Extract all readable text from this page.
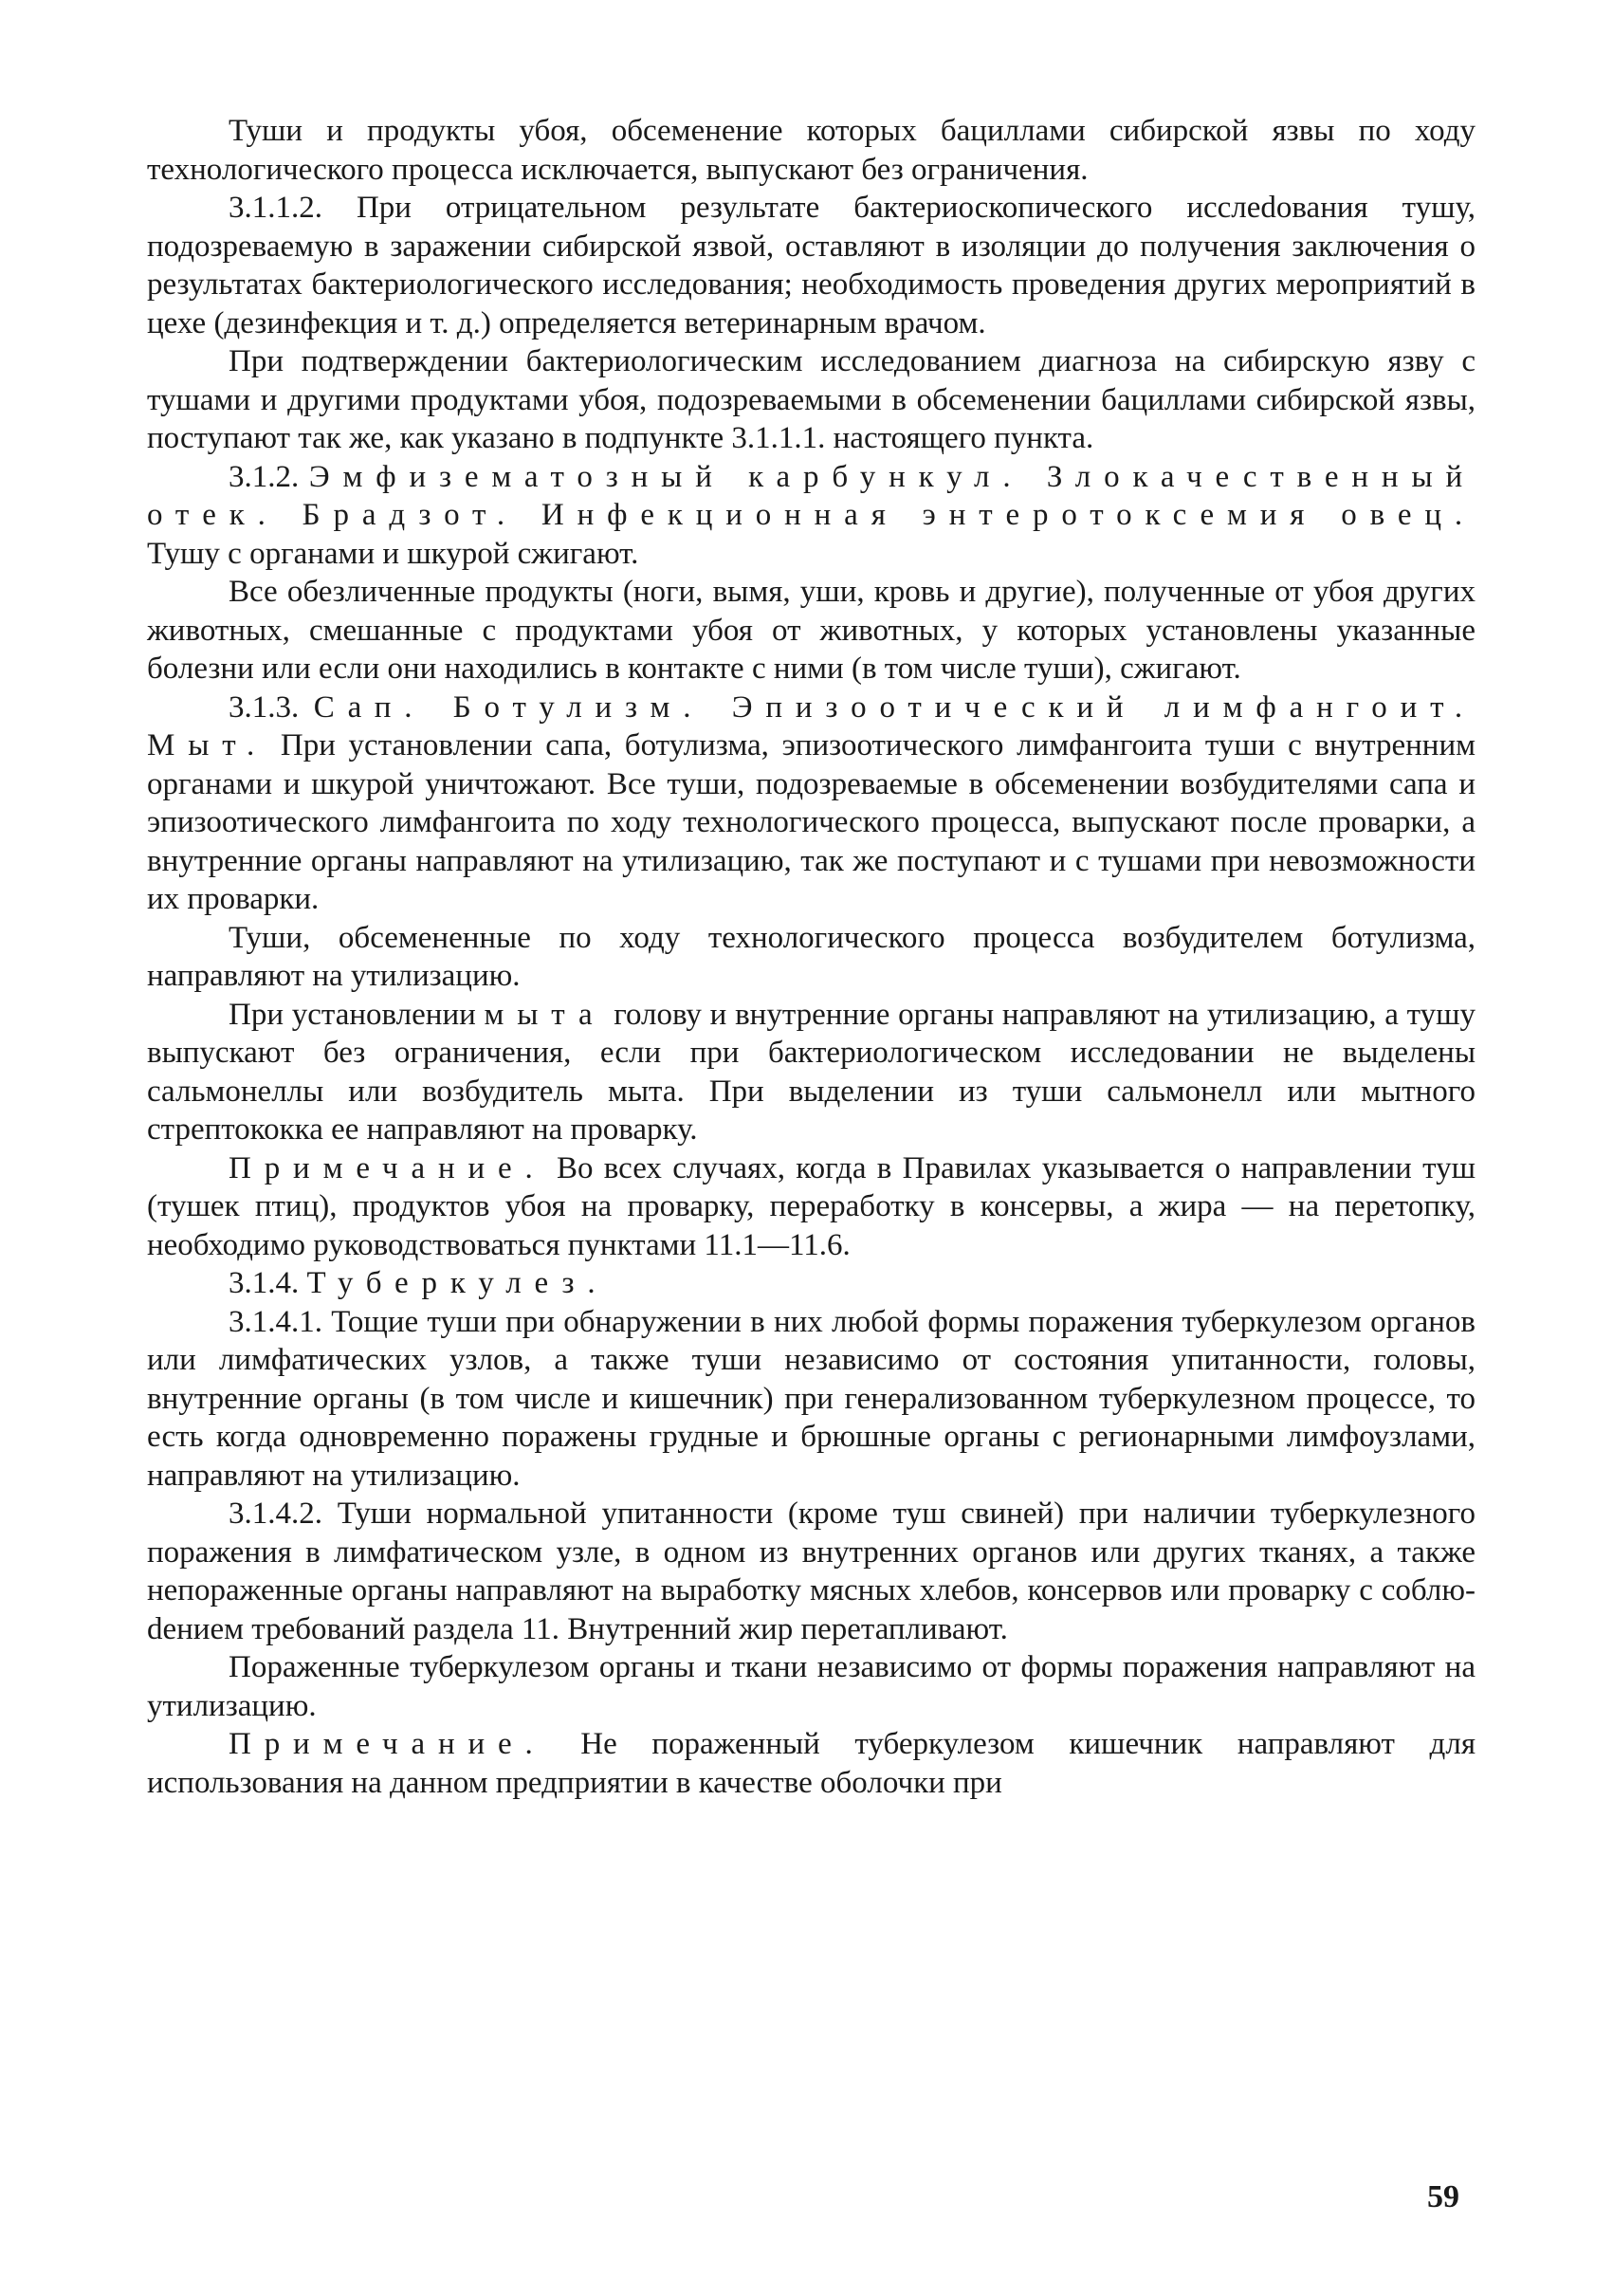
Туши и продукты убоя, обсеменение которых бациллами сибирской язвы по ходу технологического процесса исключается, выпускают без ограничения.

3.1.1.2. При отрицательном результате бактериоскопического исслеdования тушу, подозреваемую в заражении сибирской язвой, оставляют в изоляции до получения заключения о результатах бактериологического исследования; необходимость проведения других мероприятий в цехе (дезинфекция и т. д.) определяется ветеринарным врачом.

При подтверждении бактериологическим исследованием диагноза на сибирскую язву с тушами и другими продуктами убоя, подозреваемыми в обсеменении бациллами сибирской язвы, поступают так же, как указано в подпункте 3.1.1.1. настоящего пункта.

3.1.2. Эмфизематозный карбункул. Злокачественный отек. Брадзот. Инфекционная энтеротоксемия овец. Тушу с органами и шкурой сжигают.

Все обезличенные продукты (ноги, вымя, уши, кровь и другие), полученные от убоя других животных, смешанные с продуктами убоя от животных, у которых установлены указанные болезни или если они находились в контакте с ними (в том числе туши), сжигают.

3.1.3. Сап. Ботулизм. Эпизоотический лимфангоит. Мыт. При установлении сапа, ботулизма, эпизоотического лимфангоита туши с внутренним органами и шкурой уничтожают. Все туши, подозреваемые в обсеменении возбудителями сапа и эпизоотического лимфангоита по ходу технологического процесса, выпускают после проварки, а внутренние органы направляют на утилизацию, так же поступают и с тушами при невозможности их проварки.

Туши, обсемененные по ходу технологического процесса возбудителем ботулизма, направляют на утилизацию.

При установлении мыта голову и внутренние органы направляют на утилизацию, а тушу выпускают без ограничения, если при бактериологическом исследовании не выделены сальмонеллы или возбудитель мыта. При выделении из туши сальмонелл или мытного стрептококка ее направляют на проварку.

Примечание. Во всех случаях, когда в Правилах указывается о направлении туш (тушек птиц), продуктов убоя на проварку, переработку в консервы, а жира — на перетопку, необходимо руководствоваться пунктами 11.1—11.6.

3.1.4. Туберкулез.

3.1.4.1. Тощие туши при обнаружении в них любой формы поражения туберкулезом органов или лимфатических узлов, а также туши независимо от состояния упитанности, головы, внутренние органы (в том числе и кишечник) при генерализованном туберкулезном процессе, то есть когда одновременно поражены грудные и брюшные органы с регионарными лимфоузлами, направляют на утилизацию.

3.1.4.2. Туши нормальной упитанности (кроме туш свиней) при наличии туберкулезного поражения в лимфатическом узле, в одном из внутренних органов или других тканях, а также непораженные органы направляют на выработку мясных хлебов, консервов или проварку с соблюdением требований раздела 11. Внутренний жир перетапливают.

Пораженные туберкулезом органы и ткани независимо от формы поражения направляют на утилизацию.

Примечание. Не пораженный туберкулезом кишечник направляют для использования на данном предприятии в качестве оболочки при

59
